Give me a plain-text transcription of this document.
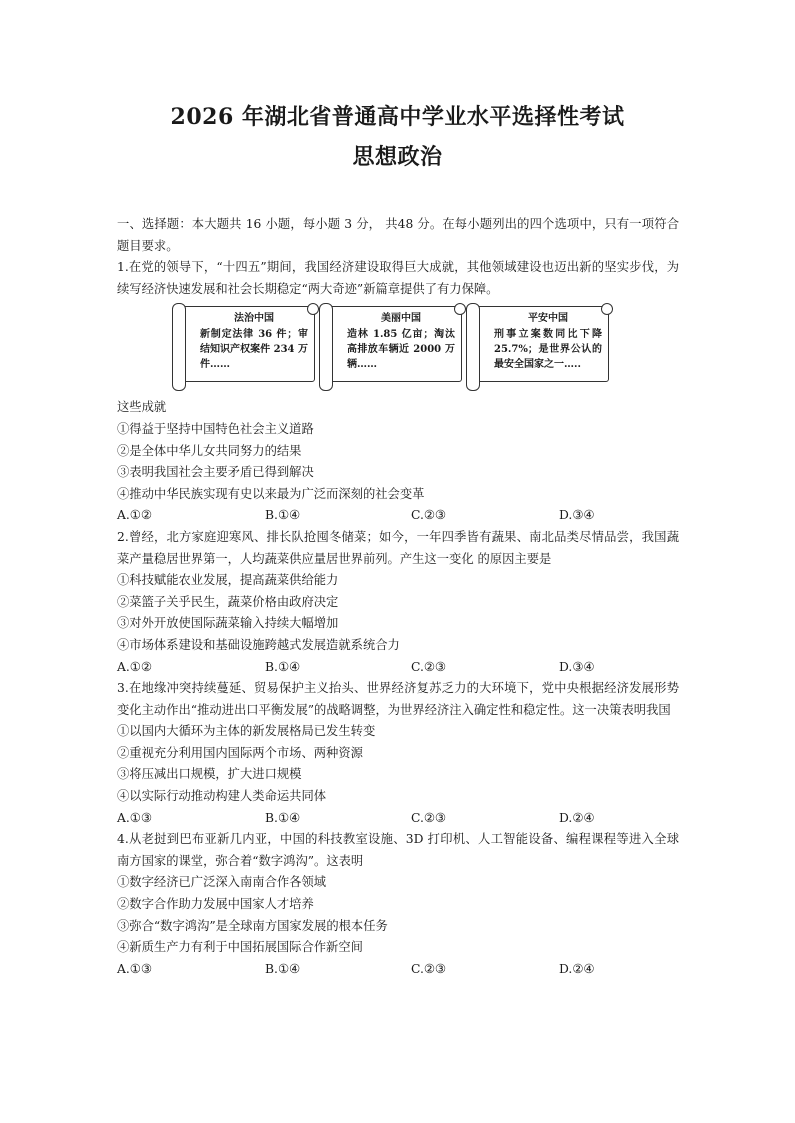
2026 年湖北省普通高中学业水平选择性考试
思想政治

一、选择题：本大题共 16 小题，每小题 3 分， 共48 分。在每小题列出的四个选项中，只有一项符合题目要求。

1.在党的领导下，“十四五”期间，我国经济建设取得巨大成就，其他领域建设也迈出新的坚实步伐，为续写经济快速发展和社会长期稳定“两大奇迹”新篇章提供了有力保障。

法治中国
新制定法律 36 件；审结知识产权案件 234 万件……
美丽中国
造林 1.85 亿亩；淘汰高排放车辆近 2000 万辆……
平安中国
刑事立案数同比下降 25.7%；是世界公认的最安全国家之一…..

这些成就

①得益于坚持中国特色社会主义道路

②是全体中华儿女共同努力的结果

③表明我国社会主要矛盾已得到解决

④推动中华民族实现有史以来最为广泛而深刻的社会变革

A.①②	B.①④	C.②③	D.③④

2.曾经，北方家庭迎寒风、排长队抢囤冬储菜；如今，一年四季皆有蔬果、南北品类尽情品尝，我国蔬菜产量稳居世界第一，人均蔬菜供应量居世界前列。产生这一变化 的原因主要是

①科技赋能农业发展，提高蔬菜供给能力

②菜篮子关乎民生，蔬菜价格由政府决定

③对外开放使国际蔬菜输入持续大幅增加

④市场体系建设和基础设施跨越式发展造就系统合力

A.①②	B.①④	C.②③	D.③④

3.在地缘冲突持续蔓延、贸易保护主义抬头、世界经济复苏乏力的大环境下，党中央根据经济发展形势变化主动作出“推动进出口平衡发展”的战略调整，为世界经济注入确定性和稳定性。这一决策表明我国

①以国内大循环为主体的新发展格局已发生转变

②重视充分利用国内国际两个市场、两种资源

③将压减出口规模，扩大进口规模

④以实际行动推动构建人类命运共同体

A.①③	B.①④	C.②③	D.②④

4.从老挝到巴布亚新几内亚，中国的科技教室设施、3D 打印机、人工智能设备、编程课程等进入全球南方国家的课堂，弥合着“数字鸿沟”。这表明

①数字经济已广泛深入南南合作各领域

②数字合作助力发展中国家人才培养

③弥合“数字鸿沟”是全球南方国家发展的根本任务

④新质生产力有利于中国拓展国际合作新空间

A.①③	B.①④	C.②③	D.②④
